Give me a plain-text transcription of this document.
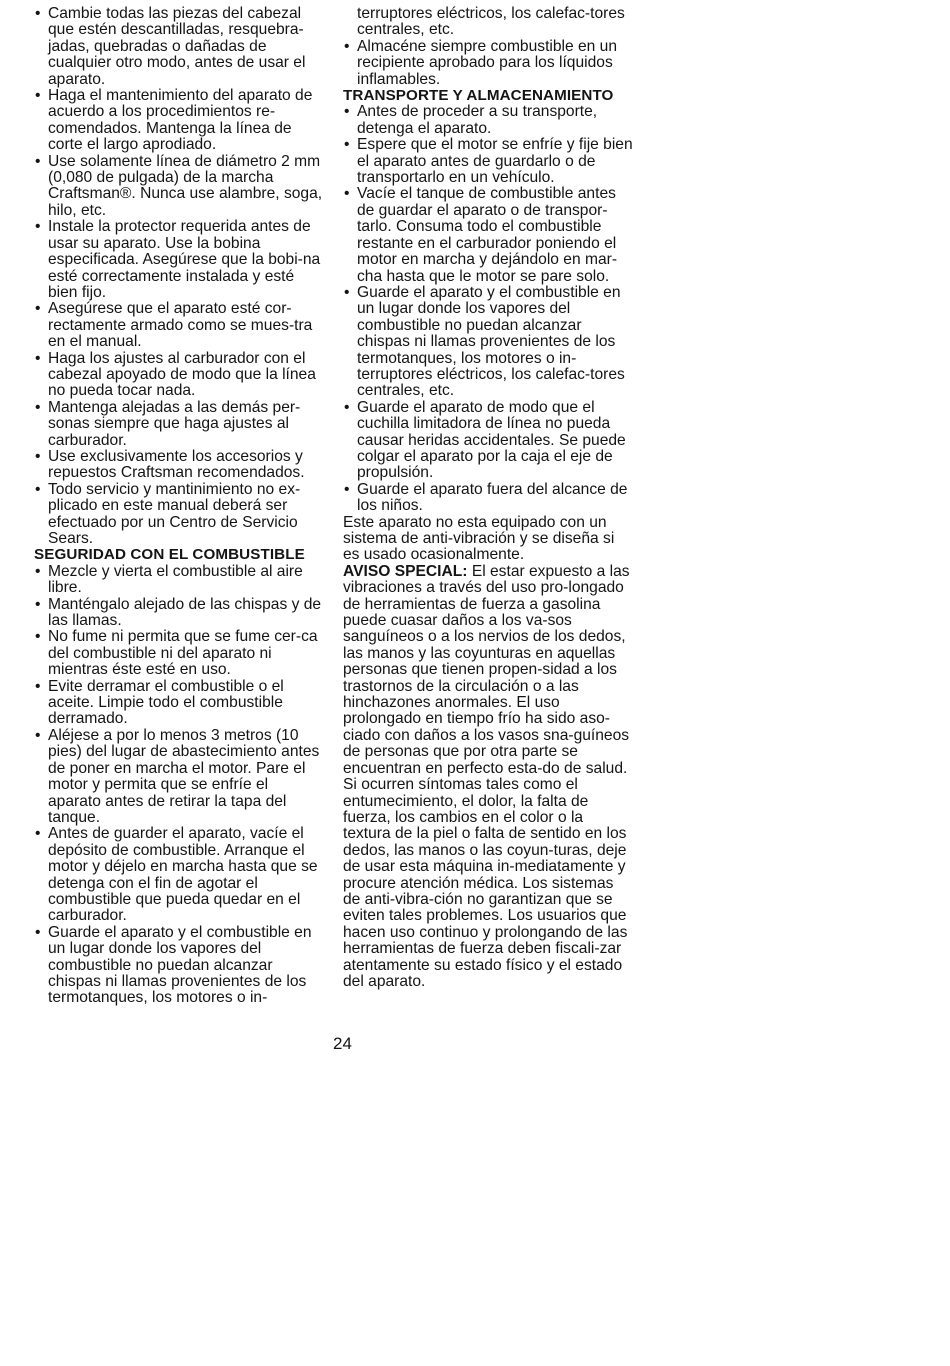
• Cambie todas las piezas del cabezal que estén descantilladas, resquebra-jadas, quebradas o dañadas de cualquier otro modo, antes de usar el aparato.
• Haga el mantenimiento del aparato de acuerdo a los procedimientos re-comendados. Mantenga la línea de corte el largo aprodiado.
• Use solamente línea de diámetro 2 mm (0,080 de pulgada) de la marcha Craftsman®. Nunca use alambre, soga, hilo, etc.
• Instale la protector requerida antes de usar su aparato. Use la bobina especificada. Asegúrese que la bobi-na esté correctamente instalada y esté bien fijo.
• Asegúrese que el aparato esté cor-rectamente armado como se mues-tra en el manual.
• Haga los ajustes al carburador con el cabezal apoyado de modo que la línea no pueda tocar nada.
• Mantenga alejadas a las demás per-sonas siempre que haga ajustes al carburador.
• Use exclusivamente los accesorios y repuestos Craftsman recomendados.
• Todo servicio y mantinimiento no ex-plicado en este manual deberá ser efectuado por un Centro de Servicio Sears.
SEGURIDAD CON EL COMBUSTIBLE
• Mezcle y vierta el combustible al aire libre.
• Manténgalo alejado de las chispas y de las llamas.
• No fume ni permita que se fume cer-ca del combustible ni del aparato ni mientras éste esté en uso.
• Evite derramar el combustible o el aceite. Limpie todo el combustible derramado.
• Aléjese a por lo menos 3 metros (10 pies) del lugar de abastecimiento antes de poner en marcha el motor. Pare el motor y permita que se enfríe el aparato antes de retirar la tapa del tanque.
• Antes de guarder el aparato, vacíe el depósito de combustible. Arranque el motor y déjelo en marcha hasta que se detenga con el fin de agotar el combustible que pueda quedar en el carburador.
• Guarde el aparato y el combustible en un lugar donde los vapores del combustible no puedan alcanzar chispas ni llamas provenientes de los termotanques, los motores o in-
terruptores eléctricos, los calefac-tores centrales, etc.
• Almacéne siempre combustible en un recipiente aprobado para los líquidos inflamables.
TRANSPORTE Y ALMACENAMIENTO
• Antes de proceder a su transporte, detenga el aparato.
• Espere que el motor se enfríe y fije bien el aparato antes de guardarlo o de transportarlo en un vehículo.
• Vacíe el tanque de combustible antes de guardar el aparato o de transpor-tarlo. Consuma todo el combustible restante en el carburador poniendo el motor en marcha y dejándolo en mar-cha hasta que le motor se pare solo.
• Guarde el aparato y el combustible en un lugar donde los vapores del combustible no puedan alcanzar chispas ni llamas provenientes de los termotanques, los motores o in-terruptores eléctricos, los calefac-tores centrales, etc.
• Guarde el aparato de modo que el cuchilla limitadora de línea no pueda causar heridas accidentales. Se puede colgar el aparato por la caja el eje de propulsión.
• Guarde el aparato fuera del alcance de los niños.

Este aparato no esta equipado con un sistema de anti-vibración y se diseña si es usado ocasionalmente.

AVISO SPECIAL: El estar expuesto a las vibraciones a través del uso pro-longado de herramientas de fuerza a gasolina puede cuasar daños a los va-sos sanguíneos o a los nervios de los dedos, las manos y las coyunturas en aquellas personas que tienen propen-sidad a los trastornos de la circulación o a las hinchazones anormales. El uso prolongado en tiempo frío ha sido aso-ciado con daños a los vasos sna-guíneos de personas que por otra parte se encuentran en perfecto esta-do de salud. Si ocurren síntomas tales como el entumecimiento, el dolor, la falta de fuerza, los cambios en el color o la textura de la piel o falta de sentido en los dedos, las manos o las coyun-turas, deje de usar esta máquina in-mediatamente y procure atención médica. Los sistemas de anti-vibra-ción no garantizan que se eviten tales problemes. Los usuarios que hacen uso continuo y prolongando de las herramientas de fuerza deben fiscali-zar atentamente su estado físico y el estado del aparato.

24
